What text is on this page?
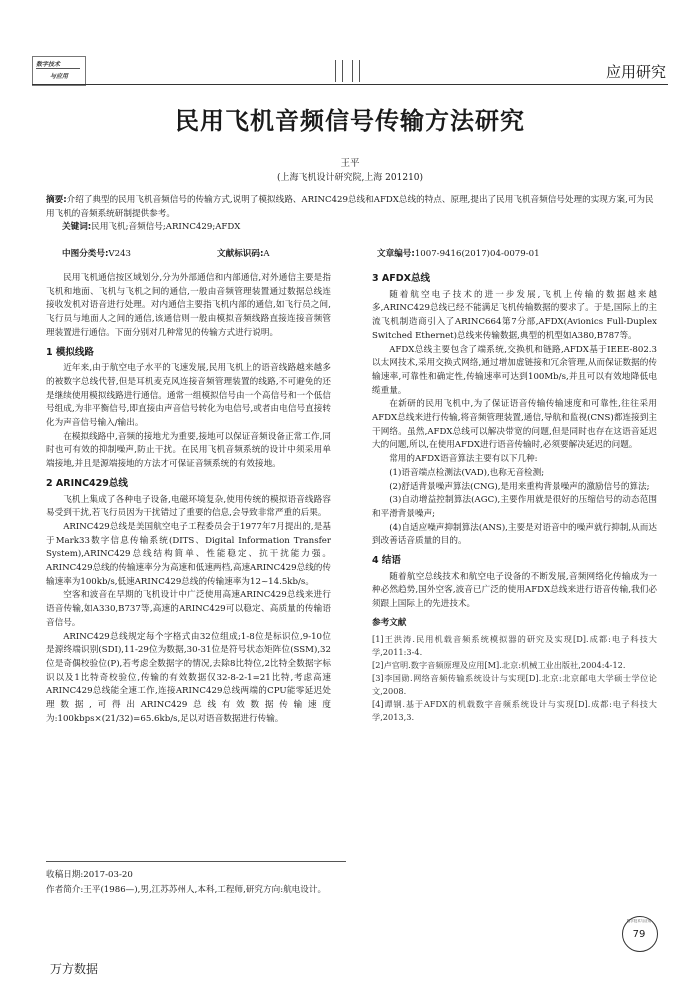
数字技术
与应用	应用研究
民用飞机音频信号传输方法研究
王平
(上海飞机设计研究院,上海 201210)
摘要:介绍了典型的民用飞机音频信号的传输方式,说明了模拟线路、ARINC429总线和AFDX总线的特点、原理,提出了民用飞机音频信号处理的实现方案,可为民用飞机的音频系统研制提供参考。
关键词:民用飞机;音频信号;ARINC429;AFDX
中图分类号:V243	文献标识码:A	文章编号:1007-9416(2017)04-0079-01

民用飞机通信按区域划分,分为外部通信和内部通信,对外通信主要是指飞机和地面、飞机与飞机之间的通信,一般由音频管理装置通过数据总线连接收发机对语音进行处理。对内通信主要指飞机内部的通信,如飞行员之间,飞行员与地面人之间的通信,该通信则一般由模拟音频线路直接连接音频管理装置进行通信。下面分别对几种常见的传输方式进行说明。

1 模拟线路

近年来,由于航空电子水平的飞速发展,民用飞机上的语音线路越来越多的被数字总线代替,但是耳机麦克风连接音频管理装置的线路,不可避免的还是继续使用模拟线路进行通信。通常一组模拟信号由一个高信号和一个低信号组成,为非平衡信号,即直接由声音信号转化为电信号,或者由电信号直接转化为声音信号输入/输出。

在模拟线路中,音频的接地尤为重要,接地可以保证音频设备正常工作,同时也可有效的抑制噪声,防止干扰。在民用飞机音频系统的设计中须采用单端接地,并且是源端接地的方法才可保证音频系统的有效接地。

2 ARINC429总线

飞机上集成了各种电子设备,电磁环境复杂,使用传统的模拟语音线路容易受到干扰,若飞行员因为干扰错过了重要的信息,会导致非常严重的后果。

ARINC429总线是美国航空电子工程委员会于1977年7月提出的,是基于Mark33数字信息传输系统(DITS、Digital Information Transfer System),ARINC429总线结构简单、性能稳定、抗干扰能力强。ARINC429总线的传输速率分为高速和低速两档,高速ARINC429总线的传输速率为100kb/s,低速ARINC429总线的传输速率为12~14.5kb/s。

空客和波音在早期的飞机设计中广泛使用高速ARINC429总线来进行语音传输,如A330,B737等,高速的ARINC429可以稳定、高质量的传输语音信号。

ARINC429总线规定每个字格式由32位组成;1-8位是标识位,9-10位是源终端识别(SDI),11-29位为数据,30-31位是符号状态矩阵位(SSM),32位是奇偶校验位(P),若考虑全数据字的情况,去除8比特位,2比特全数据字标识以及1比特奇校验位,传输的有效数据仅32-8-2-1=21比特,考虑高速ARINC429总线能全速工作,连接ARINC429总线两端的CPU能零延迟处理数据,可得出ARINC429总线有效数据传输速度为:100kbps×(21/32)=65.6kb/s,足以对语音数据进行传输。

3 AFDX总线

随着航空电子技术的进一步发展,飞机上传输的数据越来越多,ARINC429总线已经不能满足飞机传输数据的要求了。于是,国际上的主流飞机制造商引入了ARINC664第7分部,AFDX(Avionics Full-Duplex Switched Ethernet)总线来传输数据,典型的机型如A380,B787等。

AFDX总线主要包含了端系统,交换机和链路,AFDX基于IEEE-802.3以太网技术,采用交换式网络,通过增加虚链接和冗余管理,从而保证数据的传输速率,可靠性和确定性,传输速率可达到100Mb/s,并且可以有效地降低电缆重量。

在新研的民用飞机中,为了保证语音传输传输速度和可靠性,往往采用AFDX总线来进行传输,将音频管理装置,通信,导航和监视(CNS)都连接到主干网络。虽然,AFDX总线可以解决带宽的问题,但是同时也存在这语音延迟大的问题,所以,在使用AFDX进行语音传输时,必须要解决延迟的问题。

常用的AFDX语音算法主要有以下几种:

(1)语音端点检测法(VAD),也称无音检测;

(2)舒适背景噪声算法(CNG),是用来重构背景噪声的激励信号的算法;

(3)自动增益控制算法(AGC),主要作用就是很好的压缩信号的动态范围和平滑背景噪声;

(4)自适应噪声抑制算法(ANS),主要是对语音中的噪声就行抑制,从而达到改善话音质量的目的。

4 结语

随着航空总线技术和航空电子设备的不断发展,音频网络化传输成为一种必然趋势,国外空客,波音已广泛的使用AFDX总线来进行语音传输,我们必须跟上国际上的先进技术。

参考文献

[1]王洪涛.民用机载音频系统模拟器的研究及实现[D].成都:电子科技大学,2011:3-4.

[2]卢官明.数字音频原理及应用[M].北京:机械工业出版社,2004:4-12.

[3]李国勋.网络音频传输系统设计与实现[D].北京:北京邮电大学硕士学位论文,2008.

[4]谭钢.基于AFDX的机载数字音频系统设计与实现[D].成都:电子科技大学,2013,3.

收稿日期:2017-03-20
作者简介:王平(1986—),男,江苏苏州人,本科,工程师,研究方向:航电设计。
数字技术与应用
79
万方数据
